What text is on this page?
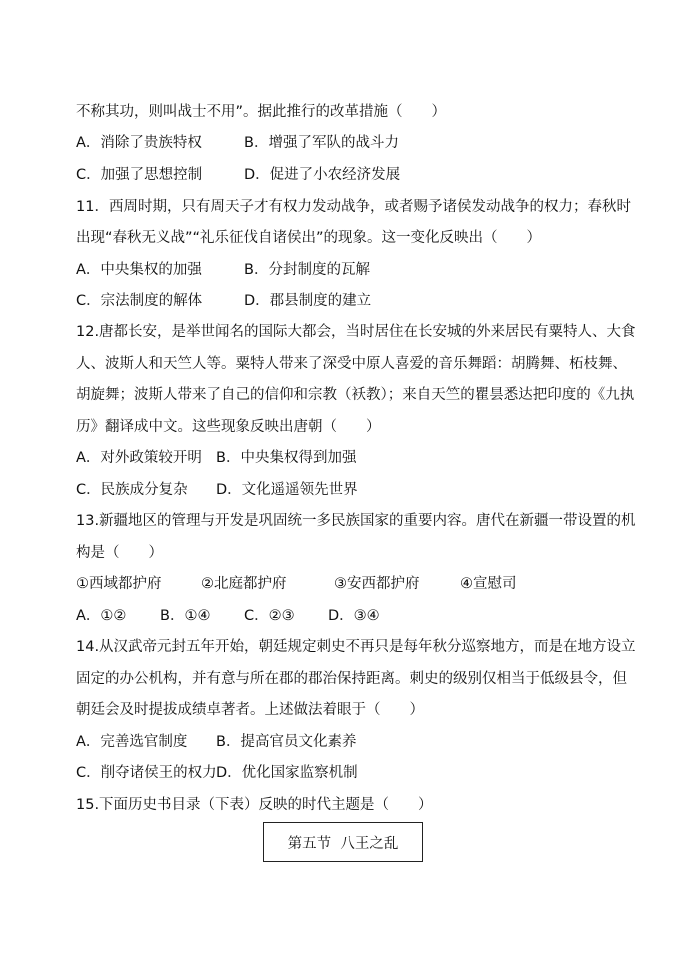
不称其功，则叫战士不用”。据此推行的改革措施（　　）
A．消除了贵族特权	B．增强了军队的战斗力
C．加强了思想控制	D．促进了小农经济发展
11．西周时期，只有周天子才有权力发动战争，或者赐予诸侯发动战争的权力；春秋时
出现“春秋无义战”“礼乐征伐自诸侯出”的现象。这一变化反映出（　　）
A．中央集权的加强	B．分封制度的瓦解
C．宗法制度的解体	D．郡县制度的建立
12.唐都长安，是举世闻名的国际大都会，当时居住在长安城的外来居民有粟特人、大食
人、波斯人和天竺人等。粟特人带来了深受中原人喜爱的音乐舞蹈：胡腾舞、柘枝舞、
胡旋舞；波斯人带来了自己的信仰和宗教（袄教）；来自天竺的瞿昙悉达把印度的《九执
历》翻译成中文。这些现象反映出唐朝（　　）
A．对外政策较开明 B．中央集权得到加强
C．民族成分复杂 D．文化遥遥领先世界
13.新疆地区的管理与开发是巩固统一多民族国家的重要内容。唐代在新疆一带设置的机
构是（　　）
①西域都护府	②北庭都护府	③安西都护府	④宣慰司
A．①② B．①④ C．②③ D．③④
14.从汉武帝元封五年开始，朝廷规定刺史不再只是每年秋分巡察地方，而是在地方设立
固定的办公机构，并有意与所在郡的郡治保持距离。刺史的级别仅相当于低级县令，但
朝廷会及时提拔成绩卓著者。上述做法着眼于（　　）
A．完善选官制度 B．提高官员文化素养
C．削夺诸侯王的权力 D．优化国家监察机制
15.下面历史书目录（下表）反映的时代主题是（　　）
第五节  八王之乱
